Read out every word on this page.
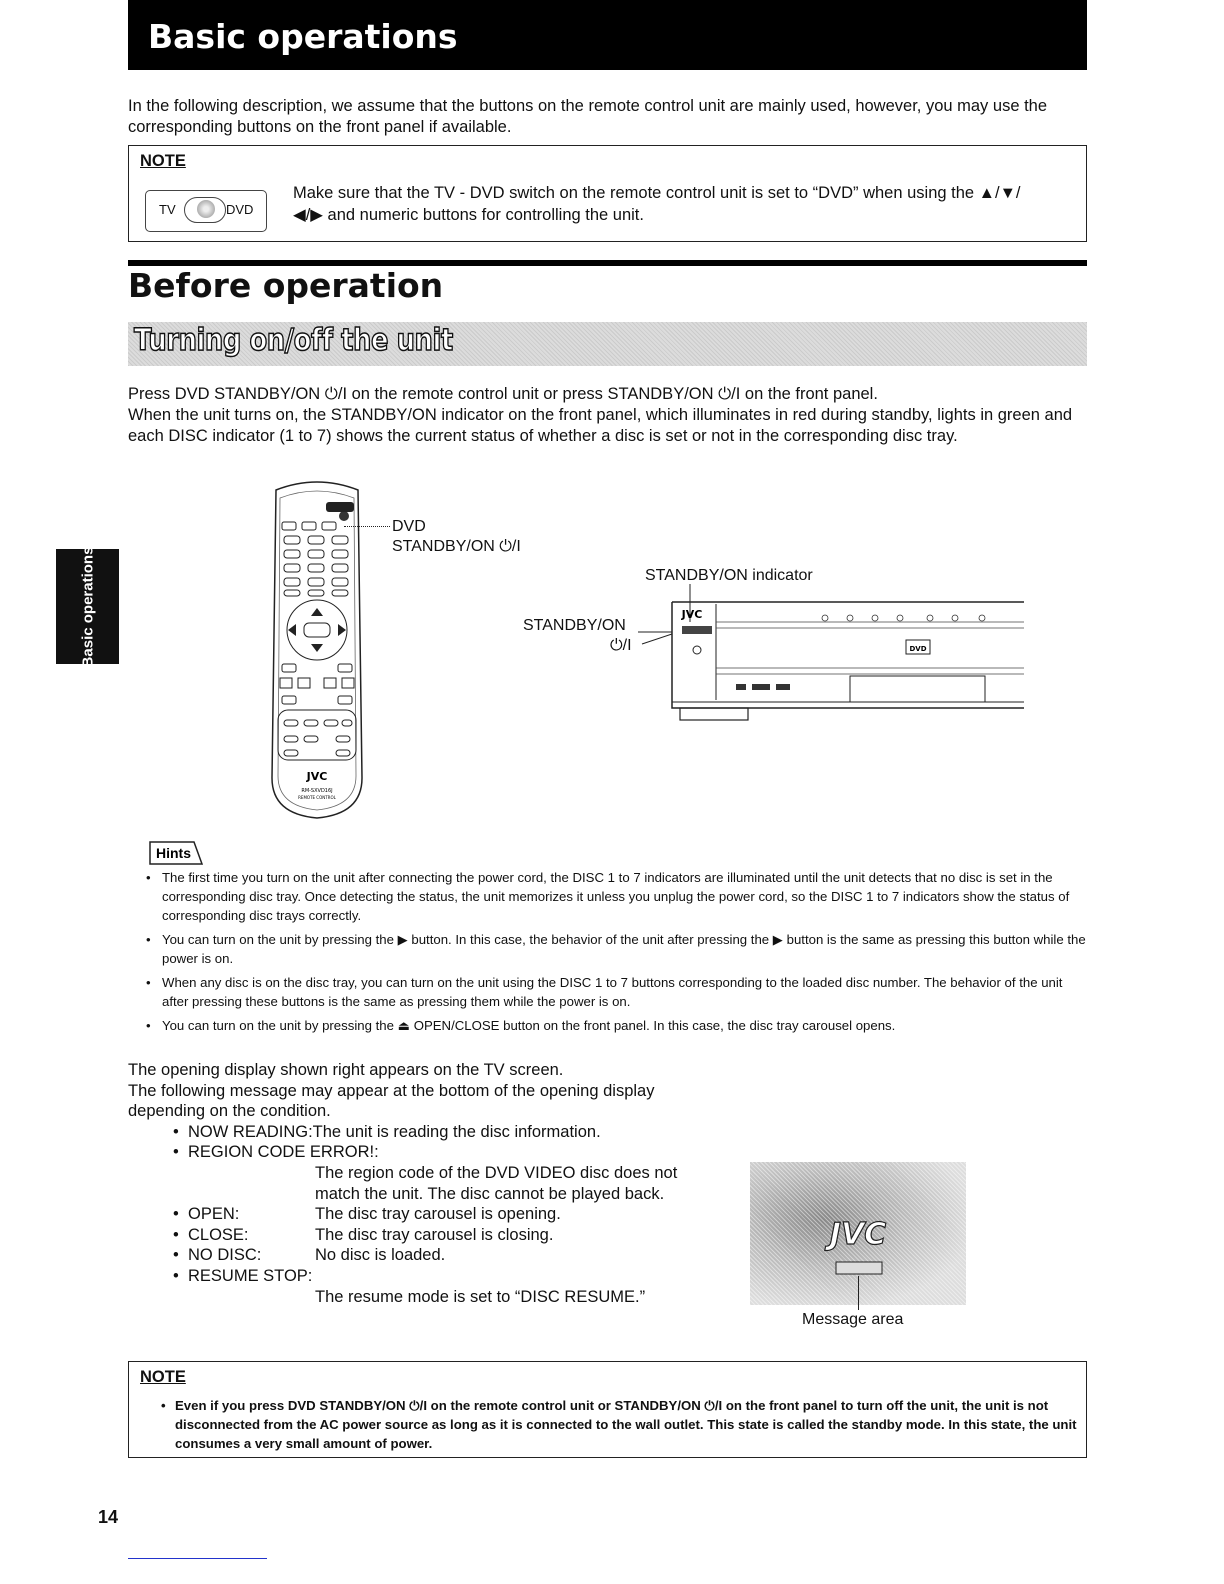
Basic operations
In the following description, we assume that the buttons on the remote control unit are mainly used, however, you may use the corresponding buttons on the front panel if available.
NOTE
TV	DVD
Make sure that the TV - DVD switch on the remote control unit is set to “DVD” when using the ▲/▼/
◀/▶ and numeric buttons for controlling the unit.
Before operation
Turning on/off the unit
Press DVD STANDBY/ON ⏻/I on the remote control unit or press STANDBY/ON ⏻/I on the front panel.
When the unit turns on, the STANDBY/ON indicator on the front panel, which illuminates in red during standby, lights in green and each DISC indicator (1 to 7) shows the current status of whether a disc is set or not in the corresponding disc tray.
Basic operations
JVC
RM-SXVD16J
REMOTE CONTROL
DVD
STANDBY/ON ⏻/I
STANDBY/ON indicator
STANDBY/ON
⏻/I
JVC
DVD
Hints
• The first time you turn on the unit after connecting the power cord, the DISC 1 to 7 indicators are illuminated until the unit detects that no disc is set in the corresponding disc tray. Once detecting the status, the unit memorizes it unless you unplug the power cord, so the DISC 1 to 7 indicators show the status of corresponding disc trays correctly.
• You can turn on the unit by pressing the ▶ button. In this case, the behavior of the unit after pressing the ▶ button is the same as pressing this button while the power is on.
• When any disc is on the disc tray, you can turn on the unit using the DISC 1 to 7 buttons corresponding to the loaded disc number. The behavior of the unit after pressing these buttons is the same as pressing them while the power is on.
• You can turn on the unit by pressing the ⏏ OPEN/CLOSE button on the front panel. In this case, the disc tray carousel opens.
The opening display shown right appears on the TV screen.
The following message may appear at the bottom of the opening display
depending on the condition.
• NOW READING:The unit is reading the disc information.
• REGION CODE ERROR!:
The region code of the DVD VIDEO disc does not match the unit. The disc cannot be played back.
• OPEN:	The disc tray carousel is opening.
• CLOSE:	The disc tray carousel is closing.
• NO DISC:	No disc is loaded.
• RESUME STOP:
The resume mode is set to “DISC RESUME.”
JVC
Message area
NOTE
• Even if you press DVD STANDBY/ON ⏻/I on the remote control unit or STANDBY/ON ⏻/I on the front panel to turn off the unit, the unit is not disconnected from the AC power source as long as it is connected to the wall outlet. This state is called the standby mode. In this state, the unit consumes a very small amount of power.
14
